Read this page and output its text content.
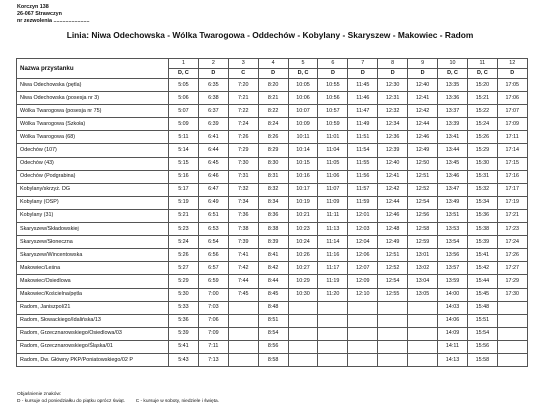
Korczyn 138
26-067 Strawczyn
nr zezwolenia ........................
Linia: Niwa Odechowska - Wólka Twarogowa - Oddechów - Kobylany - Skaryszew - Makowiec - Radom
Nazwa przystanku	1	2	3	4	5	6	7	8	9	10	11	12
	D, C	D	C	D	D, C	D	D	D	D	D, C	D, C	D
Niwa Odechowska (pętla)	5:05	6:35	7:20	8:20	10:05	10:55	11:45	12:30	12:40	13:35	15:20	17:05
Niwa Odechowska (posesja nr 3)	5:06	6:38	7:21	8:21	10:06	10:56	11:46	12:31	12:41	13:36	15:21	17:06
Wólka Twarogowa (posesja nr 75)	5:07	6:37	7:22	8:22	10:07	10:57	11:47	12:32	12:42	13:37	15:22	17:07
Wólka Twarogowa (Szkoła)	5:09	6:39	7:24	8:24	10:09	10:59	11:49	12:34	12:44	13:39	15:24	17:09
Wólka Twarogowa (68)	5:11	6:41	7:26	8:26	10:11	11:01	11:51	12:36	12:46	13:41	15:26	17:11
Odechów (107)	5:14	6:44	7:29	8:29	10:14	11:04	11:54	12:39	12:49	13:44	15:29	17:14
Odechów (43)	5:15	6:45	7:30	8:30	10:15	11:05	11:55	12:40	12:50	13:45	15:30	17:15
Odechów (Podgrabina)	5:16	6:46	7:31	8:31	10:16	11:06	11:56	12:41	12:51	13:46	15:31	17:16
Kobylany/skrzyż. DG	5:17	6:47	7:32	8:32	10:17	11:07	11:57	12:42	12:52	13:47	15:32	17:17
Kobylany (OSP)	5:19	6:49	7:34	8:34	10:19	11:09	11:59	12:44	12:54	13:49	15:34	17:19
Kobylany (31)	5:21	6:51	7:36	8:36	10:21	11:11	12:01	12:46	12:56	13:51	15:36	17:21
Skaryszew/Składowskiej	5:23	6:53	7:38	8:38	10:23	11:13	12:03	12:48	12:58	13:53	15:38	17:23
Skaryszew/Słoneczna	5:24	6:54	7:39	8:39	10:24	11:14	12:04	12:49	12:59	13:54	15:39	17:24
Skaryszew/Wincentowska	5:26	6:56	7:41	8:41	10:26	11:16	12:06	12:51	13:01	13:56	15:41	17:26
Makowiec/Leśna	5:27	6:57	7:42	8:42	10:27	11:17	12:07	12:52	13:02	13:57	15:42	17:27
Makowiec/Osiedlowa	5:29	6:59	7:44	8:44	10:29	11:19	12:09	12:54	13:04	13:59	15:44	17:29
Makowiec/Kościelna/pętla	5:30	7:00	7:45	8:45	10:30	11:20	12:10	12:55	13:05	14:00	15:45	17:30
Radom, Janiszpol/21	5:33	7:03		8:48						14:03	15:48	
Radom, Słowackiego/Idalińska/13	5:36	7:06		8:51						14:06	15:51	
Radom, Grzecznarowskiego/Osiedlowa/03	5:39	7:09		8:54						14:09	15:54	
Radom, Grzecznarowskiego/Śląska/01	5:41	7:11		8:56						14:11	15:56	
Radom, Dw. Główny PKP/Poniatowskiego/02 P	5:43	7:13		8:58						14:13	15:58	
Objaśnienie znaków:
D - kursuje od poniedziałku do piątku oprócz świąt. C - kursuje w soboty, niedziele i święta.
